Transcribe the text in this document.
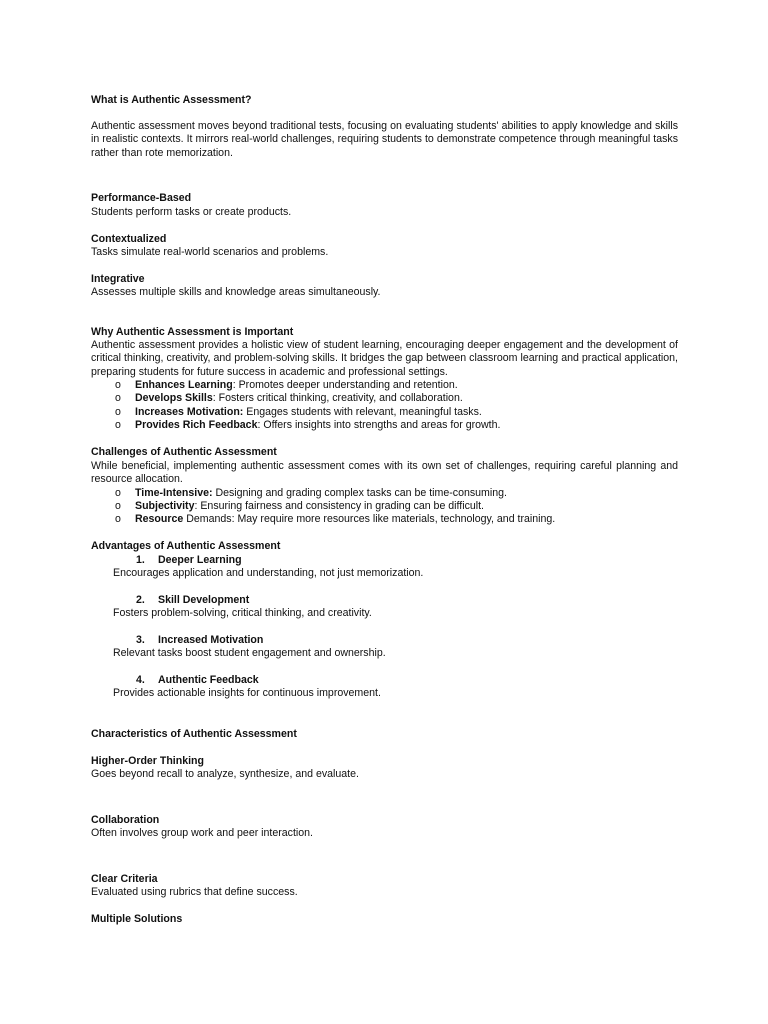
What is Authentic Assessment?

Authentic assessment moves beyond traditional tests, focusing on evaluating students' abilities to apply knowledge and skills in realistic contexts. It mirrors real-world challenges, requiring students to demonstrate competence through meaningful tasks rather than rote memorization.

Performance-Based
Students perform tasks or create products.
Contextualized
Tasks simulate real-world scenarios and problems.
Integrative
Assesses multiple skills and knowledge areas simultaneously.
Why Authentic Assessment is Important

Authentic assessment provides a holistic view of student learning, encouraging deeper engagement and the development of critical thinking, creativity, and problem-solving skills. It bridges the gap between classroom learning and practical application, preparing students for future success in academic and professional settings.

o Enhances Learning: Promotes deeper understanding and retention.
o Develops Skills: Fosters critical thinking, creativity, and collaboration.
o Increases Motivation: Engages students with relevant, meaningful tasks.
o Provides Rich Feedback: Offers insights into strengths and areas for growth.
Challenges of Authentic Assessment

While beneficial, implementing authentic assessment comes with its own set of challenges, requiring careful planning and resource allocation.

o Time-Intensive: Designing and grading complex tasks can be time-consuming.
o Subjectivity: Ensuring fairness and consistency in grading can be difficult.
o Resource Demands: May require more resources like materials, technology, and training.
Advantages of Authentic Assessment
1. Deeper Learning
Encourages application and understanding, not just memorization.
2. Skill Development
Fosters problem-solving, critical thinking, and creativity.
3. Increased Motivation
Relevant tasks boost student engagement and ownership.
4. Authentic Feedback
Provides actionable insights for continuous improvement.
Characteristics of Authentic Assessment
Higher-Order Thinking
Goes beyond recall to analyze, synthesize, and evaluate.
Collaboration
Often involves group work and peer interaction.
Clear Criteria
Evaluated using rubrics that define success.
Multiple Solutions
